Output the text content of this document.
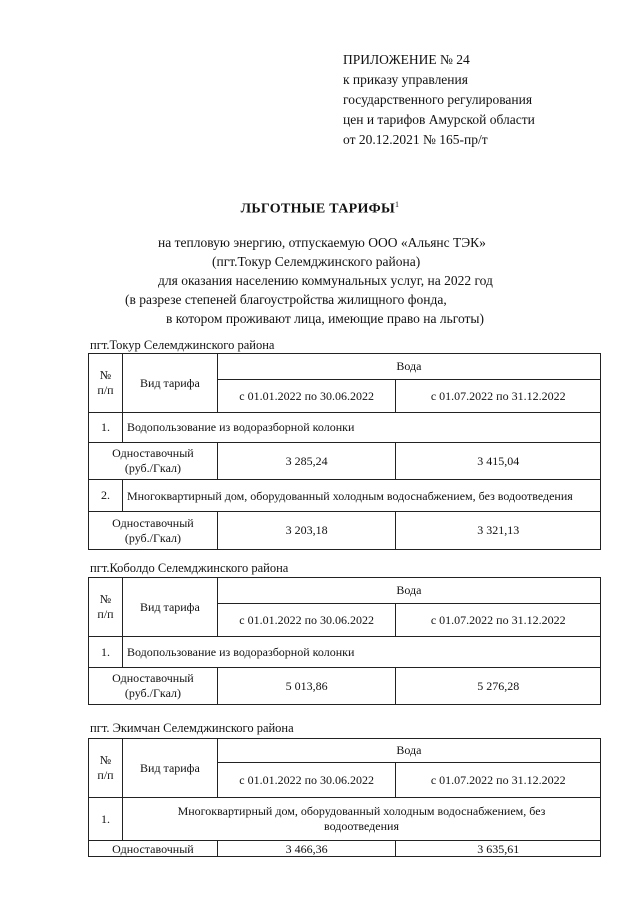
ПРИЛОЖЕНИЕ № 24
к приказу управления
государственного регулирования
цен и тарифов Амурской области
от 20.12.2021 № 165-пр/т
ЛЬГОТНЫЕ ТАРИФЫ$^1$
на тепловую энергию, отпускаемую ООО «Альянс ТЭК»
(пгт.Токур Селемджинского района)
для оказания населению коммунальных услуг, на 2022 год
(в разрезе степеней благоустройства жилищного фонда,
в котором проживают лица, имеющие право на льготы)
пгт.Токур Селемджинского района
№
п/п	Вид тарифа	Вода	
		с 01.01.2022 по 30.06.2022	с 01.07.2022 по 31.12.2022
1.	Водопользование из водоразборной колонки		

Одноставочный
(руб./Гкал)		3 285,24	3 415,04
2.	Многоквартирный дом, оборудованный холодным водоснабжением, без водоотведения		

Одноставочный
(руб./Гкал)		3 203,18	3 321,13
пгт.Коболдо Селемджинского района
№
п/п	Вид тарифа	Вода	
		с 01.01.2022 по 30.06.2022	с 01.07.2022 по 31.12.2022
1.	Водопользование из водоразборной колонки		

Одноставочный
(руб./Гкал)		5 013,86	5 276,28
пгт. Экимчан Селемджинского района
№
п/п	Вид тарифа	Вода	
		с 01.01.2022 по 30.06.2022	с 01.07.2022 по 31.12.2022
1.	Многоквартирный дом, оборудованный холодным водоснабжением, без водоотведения		
Одноставочный		3 466,36	3 635,61
